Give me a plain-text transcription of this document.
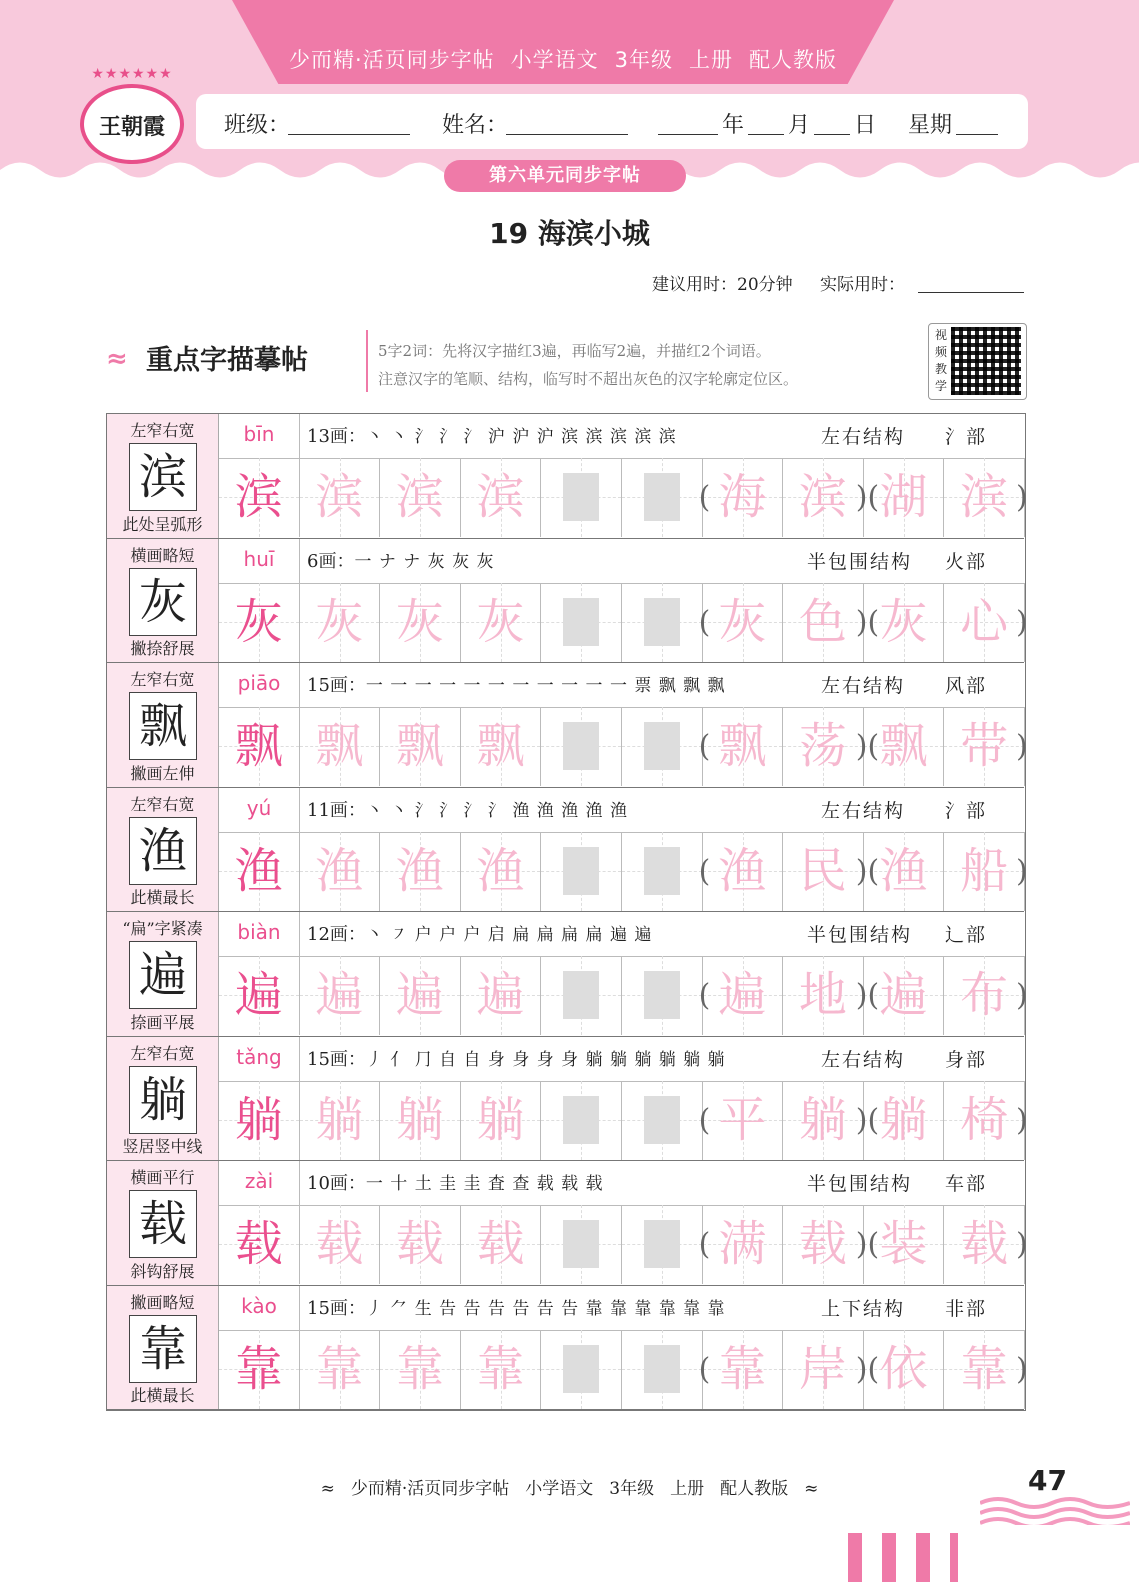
少而精·活页同步字帖 小学语文 3年级 上册 配人教版
★★★★★★
王朝霞	班级：	姓名：	年 月 日 星期
第六单元同步字帖
19 海滨小城
建议用时：20分钟 实际用时：
≈ 重点字描摹帖	5字2词：先将汉字描红3遍，再临写2遍，并描红2个词语。
注意汉字的笔顺、结构，临写时不超出灰色的汉字轮廓定位区。
视频教学
左窄右宽
滨
此处呈弧形
bīn	13画：丶 丶 氵 氵 氵 沪 沪 沪 滨 滨 滨 滨 滨	左右结构 氵部
滨 滨 滨 滨	海 滨 湖 滨
(	)(	)
横画略短
灰
撇捺舒展
huī	6画：一 ナ ナ 灰 灰 灰	半包围结构 火部
灰 灰 灰 灰	灰 色 灰 心
(	)(	)
左窄右宽
飘
撇画左伸
piāo	15画：一 一 一 一 一 一 一 一 一 一 一 票 飘 飘 飘	左右结构 风部
飘 飘 飘 飘	飘 荡 飘 带
(	)(	)
左窄右宽
渔
此横最长
yú	11画：丶 丶 氵 氵 氵 氵 渔 渔 渔 渔 渔	左右结构 氵部
渔 渔 渔 渔	渔 民 渔 船
(	)(	)
“扁”字紧凑
遍
捺画平展
biàn	12画：丶 ㇇ 户 户 户 启 扁 扁 扁 扁 遍 遍	半包围结构 辶部
遍 遍 遍 遍	遍 地 遍 布
(	)(	)
左窄右宽
躺
竖居竖中线
tǎng	15画：丿 亻 ⺆ 自 自 身 身 身 身 躺 躺 躺 躺 躺 躺	左右结构 身部
躺 躺 躺 躺	平 躺 躺 椅
(	)(	)
横画平行
载
斜钩舒展
zài	10画：一 十 土 圭 圭 査 查 载 载 载	半包围结构 车部
载 载 载 载	满 载 装 载
(	)(	)
撇画略短
靠
此横最长
kào	15画：丿 ⺈ 生 告 告 告 告 告 告 靠 靠 靠 靠 靠 靠	上下结构 非部
靠 靠 靠 靠	靠 岸 依 靠
(	)(	)
≈ 少而精·活页同步字帖 小学语文 3年级 上册 配人教版 ≈	47
